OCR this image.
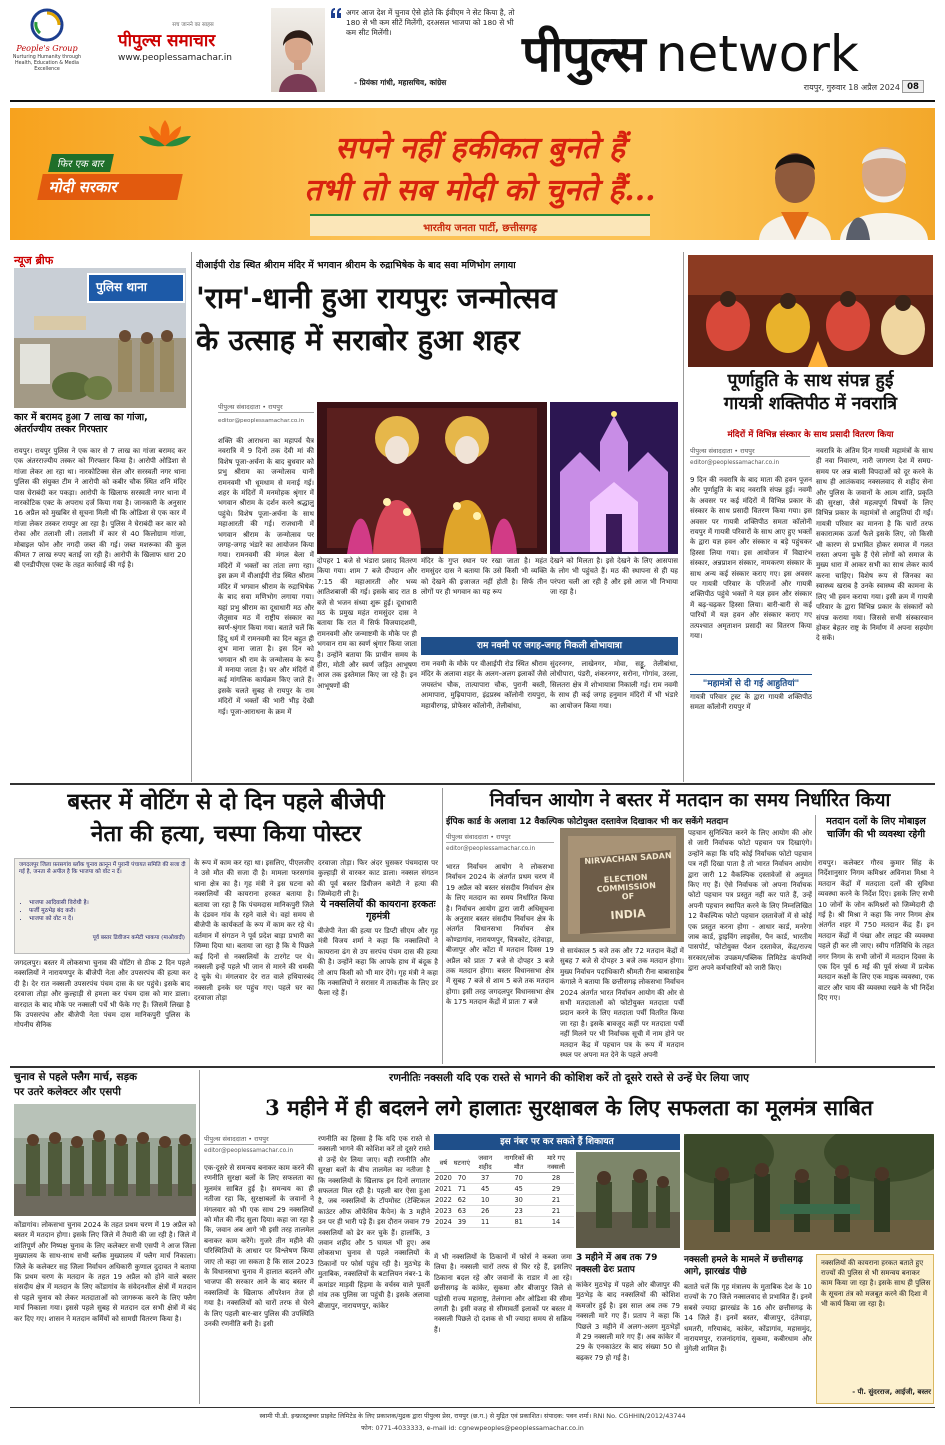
People's Group
Nurturing Humanity through Health, Education & Media Excellence
सच जानने का साहस
पीपुल्स समाचार
www.peoplessamachar.in
अगर आज देश में चुनाव ऐसे होते कि ईवीएम ने सेट किया है, तो 180 से भी कम सीटें मिलेंगी, दरअसल भाजपा को 180 से भी कम सीट मिलेंगी।
- प्रियंका गांधी, महासचिव, कांग्रेस पीपुल्स network
रायपुर, गुरुवार 18 अप्रैल 2024 08
फिर एक बार
मोदी सरकार
सपने नहीं हकीकत बुनते हैं
तभी तो सब मोदी को चुनते हैं...
भारतीय जनता पार्टी, छत्तीसगढ़
न्यूज ब्रीफ
पुलिस थाना
कार में बरामद हुआ 7 लाख का गांजा, अंतर्राज्यीय तस्कर गिरफ्तार
रायपुर। रायपुर पुलिस ने एक कार से 7 लाख का गांजा बरामद कर एक अंतरराज्यीय तस्कर को गिरफ्तार किया है। आरोपी ओडिशा से गांजा लेकर आ रहा था। नारकोटिक्स सेल और सरस्वती नगर थाना पुलिस की संयुक्त टीम ने आरोपी को कबीर चौक स्थित शनि मंदिर पास घेराबंदी कर पकड़ा। आरोपी के खिलाफ सरस्वती नगर थाना में नारकोटिक एक्ट के अपराध दर्ज किया गया है। जानकारी के अनुसार 16 अप्रैल को मुखबिर से सूचना मिली थी कि ओडिशा से एक कार में गांजा लेकर तस्कर रायपुर आ रहा है। पुलिस ने घेराबंदी कर कार को रोका और तलाशी ली। तलाशी में कार से 40 किलोग्राम गांजा, मोबाइल फोन और नगदी जब्त की गई। जब्त मशरूका की कुल कीमत 7 लाख रुपए बताई जा रही है। आरोपी के खिलाफ धारा 20 बी एनडीपीएस एक्ट के तहत कार्रवाई की गई है।
वीआईपी रोड स्थित श्रीराम मंदिर में भगवान श्रीराम के रुद्राभिषेक के बाद सवा मणिभोग लगाया
'राम'-धानी हुआ रायपुरः जन्मोत्सव
के उत्साह में सराबोर हुआ शहर
पीपुल्स संवाददाता • रायपुर
editor@peoplessamachar.co.in
शक्ति की आराधना का महापर्व चैत्र नवरात्रि में 9 दिनों तक देवी मां की विशेष पूजा-अर्चना के बाद बुधवार को प्रभु श्रीराम का जन्मोत्सव यानी रामनवमी भी धूमधाम से मनाई गई। शहर के मंदिरों में मनमोहक श्रृंगार में भगवान श्रीराम के दर्शन करने श्रद्धालु पहुंचे। विशेष पूजा-अर्चना के साथ महाआरती की गई। राजधानी में भगवान श्रीराम के जन्मोत्सव पर जगह-जगह भंडारे का आयोजन किया गया। रामनवमी की मंगल बेला में मंदिरों में भक्तों का तांता लगा रहा। इस क्रम में वीआईपी रोड स्थित श्रीराम मंदिर में भगवान श्रीराम के रुद्राभिषेक के बाद सवा मणिभोग लगाया गया। यहां प्रभु श्रीराम का दूधाधारी मठ और जैतूसाव मठ में राष्ट्रीय संस्कार का स्वर्ण-श्रृंगार किया गया। बताते चलें कि हिंदू धर्म में रामनवमी का दिन बहुत ही शुभ माना जाता है। इस दिन को भगवान श्री राम के जन्मोत्सव के रूप में मनाया जाता है। घर और मंदिरों में कई मांगलिक कार्यक्रम किए जाते हैं। इसके चलते सुबह से रायपुर के राम मंदिरों में भक्तों की भारी भीड़ देखी गई। पूजा-आराधना के क्रम में
दोपहर 1 बजे से भंडारा प्रसाद वितरण किया गया। शाम 7 बजे दीपदान और 7:15 की महाआरती और भव्य आतिशबाजी की गई। इसके बाद रात 8 बजे से भजन संध्या शुरू हुई। दूधाधारी मठ के प्रमुख महंत रामसुंदर दास ने बताया कि रात में सिर्फ विजयादशमी, रामनवमी और जन्माष्टमी के मौके पर ही भगवान राम का स्वर्ण श्रृंगार किया जाता है। उन्होंने बताया कि प्राचीन समय के हीरा, मोती और स्वर्ण जड़ित आभूषण आज तक इस्तेमाल किए जा रहे हैं। इन आभूषणों की
मंदिर के गुप्त स्थान पर रखा जाता है। महंत रामसुंदर दास ने बताया कि उसे किसी भी व्यक्ति को देखने की इजाजत नहीं होती है। सिर्फ तीन लोगों पर ही भगवान का यह रूप
देखने को मिलता है। इसे देखने के लिए आसपास के लोग भी पहुंचते हैं। मठ की स्थापना से ही यह परंपरा चली आ रही है और इसे आज भी निभाया जा रहा है।
राम नवमी पर जगह-जगह निकली शोभायात्रा
राम नवमी के मौके पर वीआईपी रोड स्थित श्रीराम मंदिर के अलावा शहर के अलग-अलग इलाकों जैसे जयस्तंभ चौक, तात्यापारा चौक, पुरानी बस्ती, आमापारा, मुढ़ियापारा, इंद्रप्रस्थ कॉलोनी रायपुरा, महावीरगढ़, प्रोफेसर कॉलोनी, तेलीबांधा,
सुंदरनगर, लाखेनगर, मोवा, सड्डू, तेलीबांधा, लोधीपारा, पंडरी, शंकरनगर, सरोना, गोगांव, उरला, सिलतरा क्षेत्र में शोभायात्रा निकाली गई। राम नवमी के साथ ही कई जगह हनुमान मंदिरों में भी भंडारे का आयोजन किया गया।
पूर्णाहुति के साथ संपन्न हुई
गायत्री शक्तिपीठ में नवरात्रि
मंदिरों में विभिन्न संस्कार के साथ प्रसादी वितरण किया
पीपुल्स संवाददाता • रायपुर
editor@peoplessamachar.co.in
9 दिन की नवरात्रि के बाद माता की हवन पूजन और पूर्णाहुति के बाद नवरात्रि संपन्न हुई। नवमी के अवसर पर कई मंदिरों में विभिन्न प्रकार के संस्कार के साथ प्रसादी वितरण किया गया। इस अवसर पर गायत्री शक्तिपीठ समता कॉलोनी रायपुर में गायत्री परिवारों के साथ आए हुए भक्तों के द्वारा यज्ञ हवन और संस्कार व बड़े पहुंचकर हिस्सा लिया गया। इस आयोजन में विद्यारंभ संस्कार, अन्नप्राशन संस्कार, नामकरण संस्कार के साथ अन्य कई संस्कार कराए गए। इस अवसर पर गायत्री परिवार के परिजनों और गायत्री शक्तिपीठ पहुंचे भक्तों ने यज्ञ हवन और संस्कार में बढ़-चढ़कर हिस्सा लिया। बारी-बारी से कई पारियों में यज्ञ हवन और संस्कार कराए गए तत्पश्चात अमृताशन प्रसादी का वितरण किया गया।
"महामंत्रों से दी गई आहुतियां"
गायत्री परिवार ट्रस्ट के द्वारा गायत्री शक्तिपीठ समता कॉलोनी रायपुर में
नवरात्रि के अंतिम दिन गायत्री महामंत्रों के साथ ही नवा निवारण, नारी जागरण देश में समग्र-समय पर अन्न बाली विपदाओं को दूर करने के साथ ही आतंकवाद नक्सलवाद से शहीद सेना और पुलिस के जवानों के आत्म शांति, प्रकृति की सुरक्षा, जैसे महत्वपूर्ण विषयों के लिए विभिन्न प्रकार के महामंत्रों से आहुतियां दी गईं। गायत्री परिवार का मानना है कि चारों तरफ सकारात्मक ऊर्जा फैले इसके लिए, जो किसी भी कारण से प्रभावित होकर समाज में गलत रास्ता अपना चुके हैं ऐसे लोगों को समाज के मुख्य धारा में आकर सभी का साथ लेकर कार्य करना चाहिए। विशेष रूप से जिनका का स्वास्थ्य खराब है उनके स्वास्थ्य की कामना के लिए भी हवन कराया गया। इसी क्रम में गायत्री परिवार के द्वारा विभिन्न प्रकार के संस्कारों को संपन्न कराया गया। जिससे सभी संस्कारवान होकर बेहतर राष्ट्र के निर्माण में अपना सहयोग दे सकें।
बस्तर में वोटिंग से दो दिन पहले बीजेपी
नेता की हत्या, चस्पा किया पोस्टर
जगदलपुर जिला फ़रसगांव ब्लॉक चुनाव क़ानून में पुरानी पंचायत समिति की सजा दी गई है, जनता से अपील है कि भाजपा को वोट न दें।
• भाजपा आदिवासी विरोधी है।
• फर्जी मुठभेड़ बंद करो।
• भाजपा को वोट न दें।
पूर्व बस्तर डिवीजन कमेटी भाकपा (माओवादी)
जगदलपुर। बस्तर में लोकसभा चुनाव की वोटिंग से ठीक 2 दिन पहले नक्सलियों ने नारायणपुर के बीजेपी नेता और उपसरपंच की हत्या कर दी है। देर रात नक्सली उपसरपंच पंचम दास के घर पहुंचे। इसके बाद दरवाजा तोड़ा और कुल्हाड़ी से हमला कर पंचम दास को मार डाला। वारदात के बाद मौके पर नक्सली पर्चे भी फेंके गए हैं। जिसमें लिखा है कि उपसरपंच और बीजेपी नेता पंचम दास मानिकपुरी पुलिस के गोपनीय सैनिक
के रूप में काम कर रहा था। इसलिए, पीएलजीए ने उसे मौत की सजा दी है। मामला फरसगांव थाना क्षेत्र का है। गृह मंत्री ने इस घटना को नक्सलियों की कायराना हरकत बताया है। बताया जा रहा है कि पंचमदास मानिकपुरी जिले के दंडवन गांव के रहने वाले थे। वहां समय से बीजेपी के कार्यकर्ता के रूप में काम कर रहे थे। वर्तमान में संगठन ने पूर्व प्रदेश बाड़ा प्रभारी का जिम्मा दिया था। बताया जा रहा है कि ये पिछले कई दिनों से नक्सलियों के टारगेट पर थे। नक्सली इन्हें पहले भी जान से मारने की धमकी दे चुके थे। मंगलवार देर रात वाले हथियारबंद नक्सली इनके घर पहुंच गए। पहले घर का दरवाजा तोड़ा
दरवाजा तोड़ा। फिर अंदर घुसकर पंचमदास पर कुल्हाड़ी से वारकर काट डाला। नक्सल संगठन की पूर्व बस्तर डिवीजन कमेटी ने हत्या की जिम्मेदारी ली है।
ये नक्सलियों की कायराना हरकतः गृहमंत्री
बीजेपी नेता की हत्या पर डिप्टी सीएम और गृह मंत्री विजय शर्मा ने कहा कि नक्सलियों ने कायराना ढंग से उप सरपंच पंचम दास की हत्या की है। उन्होंने कहा कि आपके हाथ में बंदूक है तो आप किसी को भी मार देंगे। गृह मंत्री ने कहा कि नक्सलियों ने सरासर में ताकतीक के लिए डर फैला रहे हैं।
निर्वाचन आयोग ने बस्तर में मतदान का समय निर्धारित किया
ईपिक कार्ड के अलावा 12 वैकल्पिक फोटोयुक्त दस्तावेज दिखाकर भी कर सकेंगे मतदान
पीपुल्स संवाददाता • रायपुर
editor@peoplessamachar.co.in
NIRVACHAN SADAN
ELECTION COMMISSION
OF
INDIA
भारत निर्वाचन आयोग ने लोकसभा निर्वाचन 2024 के अंतर्गत प्रथम चरण में 19 अप्रैल को बस्तर संसदीय निर्वाचन क्षेत्र के लिए मतदान का समय निर्धारित किया है। निर्वाचन आयोग द्वारा जारी अधिसूचना के अनुसार बस्तर संसदीय निर्वाचन क्षेत्र के अंतर्गत विधानसभा निर्वाचन क्षेत्र कोण्डागांव, नारायणपुर, चित्रकोट, दंतेवाड़ा, बीजापुर और कोंटा में मतदान दिवस 19 अप्रैल को प्रातः 7 बजे से दोपहर 3 बजे तक मतदान होगा। बस्तर विधानसभा क्षेत्र में सुबह 7 बजे से शाम 5 बजे तक मतदान होगा। इसी तरह जगदलपुर विधानसभा क्षेत्र के 175 मतदान केंद्रों में प्रातः 7 बजे
से सायंकाल 5 बजे तक और 72 मतदान केंद्रों में सुबह 7 बजे से दोपहर 3 बजे तक मतदान होगा। मुख्य निर्वाचन पदाधिकारी श्रीमती रीना बाबासाहेब कंगाले ने बताया कि छत्तीसगढ़ लोकसभा निर्वाचन 2024 अंतर्गत भारत निर्वाचन आयोग की ओर से सभी मतदाताओं को फोटोयुक्त मतदाता पर्ची प्रदान करने के लिए मतदाता पर्ची वितरित किया जा रहा है। इसके बावजूद कहीं पर मतदाता पर्ची नहीं मिलने पर भी निर्वाचक सूची में नाम होने पर मतदान केंद्र में पहचान पत्र के रूप में मतदान स्थल पर अपना मत देने के पहले अपनी
पहचान सुनिश्चित करने के लिए आयोग की ओर से जारी निर्वाचक फोटो पहचान पत्र दिखाएंगे। उन्होंने कहा कि यदि कोई निर्वाचक फोटो पहचान पत्र नहीं दिखा पाता है तो भारत निर्वाचन आयोग द्वारा जारी 12 वैकल्पिक दस्तावेजों से अनुमत किए गए हैं। ऐसे निर्वाचक जो अपना निर्वाचक फोटो पहचान पत्र प्रस्तुत नहीं कर पाते हैं, उन्हें अपनी पहचान स्थापित करने के लिए निम्नलिखित 12 वैकल्पिक फोटो पहचान दस्तावेजों में से कोई एक प्रस्तुत करना होगा - आधार कार्ड, मनरेगा जाब कार्ड, ड्राइविंग लाइसेंस, पैन कार्ड, भारतीय पासपोर्ट, फोटोयुक्त पेंशन दस्तावेज, केंद्र/राज्य सरकार/लोक उपक्रम/पब्लिक लिमिटेड कंपनियों द्वारा अपने कर्मचारियों को जारी किए।
मतदान दलों के लिए मोबाइल चार्जिंग की भी व्यवस्था रहेगी
रायपुर। कलेक्टर गौरव कुमार सिंह के निर्देशानुसार निगम कमिश्नर अविनाश मिश्रा ने मतदान केंद्रों में मतदाता दलों की सुविधा व्यवस्था करने के निर्देश दिए। इसके लिए सभी 10 जोनों के जोन कमिश्नरों को जिम्मेदारी दी गई है। श्री मिश्रा ने कहा कि नगर निगम क्षेत्र अंतर्गत शहर में 750 मतदान केंद्र हैं। इन मतदान केंद्रों में पंखा और लाइट की व्यवस्था पहले ही कर ली जाए। स्वीप गतिविधि के तहत नगर निगम के सभी जोनों में मतदान दिवस के एक दिन पूर्व 6 मई की पूर्व संध्या में प्रत्येक मतदान कक्षों के लिए एक माइक व्यवस्था, एक वाटर और चाय की व्यवस्था रखने के भी निर्देश दिए गए।
चुनाव से पहले फ्लैग मार्च, सड़क
पर उतरे कलेक्टर और एसपी
कोंडागांव। लोकसभा चुनाव 2024 के तहत प्रथम चरण में 19 अप्रैल को बस्तर में मतदान होगा। इसके लिए जिले में तैयारी की जा रही है। जिले में शांतिपूर्ण और निष्पक्ष चुनाव के लिए कलेक्टर सभी एसपी ने आज जिला मुख्यालय के साथ-साथ सभी ब्लॉक मुख्यालय में फ्लैग मार्च निकाला। जिले के कलेक्टर सह जिला निर्वाचन अधिकारी कुणाल दुदावत ने बताया कि प्रथम चरण के मतदान के तहत 19 अप्रैल को होने वाले बस्तर संसदीय क्षेत्र में मतदान के लिए कोंडागांव के संवेदनशील क्षेत्रों में मतदान से पहले चुनाव को लेकर मतदाताओं को जागरूक करने के लिए फ्लैग मार्च निकाला गया। इससे पहले सुबह से मतदान दल सभी क्षेत्रों में बंद कर दिए गए। शासन ने मतदान कर्मियों को सामग्री वितरण किया है।
रणनीतिः नक्सली यदि एक रास्ते से भागने की कोशिश करें तो दूसरे रास्ते से उन्हें घेर लिया जाए
3 महीने में ही बदलने लगे हालातः सुरक्षाबल के लिए सफलता का मूलमंत्र साबित
पीपुल्स संवाददाता • रायपुर
editor@peoplessamachar.co.in
एक-दूसरे से समन्वय बनाकर काम करने की रणनीति सुरक्षा बलों के लिए सफलता का मूलमंत्र साबित हुई है। समन्वय का ही नतीजा रहा कि, सुरक्षाबलों के जवानों ने मंगलवार को भी एक साथ 29 नक्सलियों को मौत की नींद सुला दिया। कहा जा रहा है कि, जवान अब आगे भी इसी तरह तालमेल बनाकर काम करेंगे। गुजरे तीन महीने की परिस्थितियों के आधार पर विश्लेषण किया जाए तो कहा जा सकता है कि साल 2023 के विधानसभा चुनाव में हालात बदलने और भाजपा की सरकार आने के बाद बस्तर में नक्सलियों के खिलाफ ऑपरेशन तेज हो गया है। नक्सलियों को चारों तरफ से घेरने के लिए पहली बार-बार पुलिस की उपस्थिति उनकी रणनीति बनी है। इसी
रणनीति का हिस्सा है कि यदि एक रास्ते से नक्सली भागने की कोशिश करें तो दूसरे रास्ते से उन्हें घेर लिया जाए। यही रणनीति और सुरक्षा बलों के बीच तालमेल का नतीजा है कि नक्सलियों के खिलाफ इन दिनों लगातार सफलता मिल रही है। पहली बार ऐसा हुआ है, जब नक्सलियों के टॉपमोस्ट (टेक्टिकल काउंटर ऑफ ऑफेंसिव कैंपेन) के 3 महीने उन पर ही भारी पड़े हैं। इस दौरान जवान 79 नक्सलियों को ढेर कर चुके हैं। हालांकि, 3 जवान शहीद और 5 घायल भी हुए। अब लोकसभा चुनाव से पहले नक्सलियों के ठिकानों पर फोर्स पहुंच रही है। मुठभेड़ के मुताबिक, नक्सलियों के बटालियन नंबर-1 के कमांडर माड़वी हिड़मा के वर्चस्व वाले पूवर्ती गांव तक पुलिस जा पहुंची है। इसके अलावा बीजापुर, नारायणपुर, कांकेर
इस नंबर पर कर सकते हैं शिकायत
वर्ष	घटनाएं	जवान शहीद	नागरिकों की मौत	मारे गए नक्सली
2020	70	37	70	28
2021	71	45	45	29
2022	62	10	30	21
2023	63	26	23	21
2024	39	11	81	14
में भी नक्सलियों के ठिकानों में फोर्स ने कब्जा जमा लिया है। नक्सली चारों तरफ से घिर रहे हैं, इसलिए ठिकाना बदल रहे और जवानों के राडार में आ रहे। छत्तीसगढ़ के कांकेर, सुकमा और बीजापुर जिले से पड़ोसी राज्य महाराष्ट्र, तेलंगाना और ओडिशा की सीमा लगती है। इसी वजह से सीमावर्ती इलाकों पर बस्तर में नक्सली पिछले दो दशक से भी ज्यादा समय से सक्रिय हैं।
3 महीने में अब तक 79 नक्सली ढेरः प्रताप
कांकेर मुठभेड़ में पहले ओर बीजापुर की मुठभेड़ के बाद नक्सलियों की कोशिश कमजोर हुई है। इस साल अब तक 79 नक्सली मारे गए हैं। प्रताप ने कहा कि पिछले 3 महीने में अलग-अलग मुठभेड़ों में 29 नक्सली मारे गए हैं। अब कांकेर में 29 के एनकाउंटर के बाद संख्या 50 से बढ़कर 79 हो गई है।
नक्सली हमले के मामले में छत्तीसगढ़ आगे, झारखंड पीछे
बताते चलें कि गृह मंत्रालय के मुताबिक देश के 10 राज्यों के 70 जिले नक्सलवाद से प्रभावित हैं। इनमें सबसे ज्यादा झारखंड के 16 और छत्तीसगढ़ के 14 जिले हैं। इनमें बस्तर, बीजापुर, दंतेवाड़ा, धमतरी, गरियाबंद, कांकेर, कोंडागांव, महासमुंद, नारायणपुर, राजनांदगांव, सुकमा, कबीरधाम और मुंगेली शामिल हैं।
नक्सलियों की कायराना हरकत बताते हुए राज्यों की पुलिस से भी समन्वय बनाकर काम किया जा रहा है। इसके साथ ही पुलिस के सूचना तंत्र को मजबूत करने की दिशा में भी कार्य किया जा रहा है।
- पी. सुंदरराज, आईजी, बस्तर
स्वामी पी.डी. इन्फ्रास्ट्रक्चर प्राइवेट लिमिटेड के लिए प्रकाशक/मुद्रक द्वारा पीपुल्स प्रेस, रायपुर (छ.ग.) से मुद्रित एवं प्रकाशित। संपादक: पवन शर्मा। RNI No. CGHHIN/2012/43744
फोन: 0771-4033333, e-mail id: cgnewpeoples@peoplessamachar.co.in
